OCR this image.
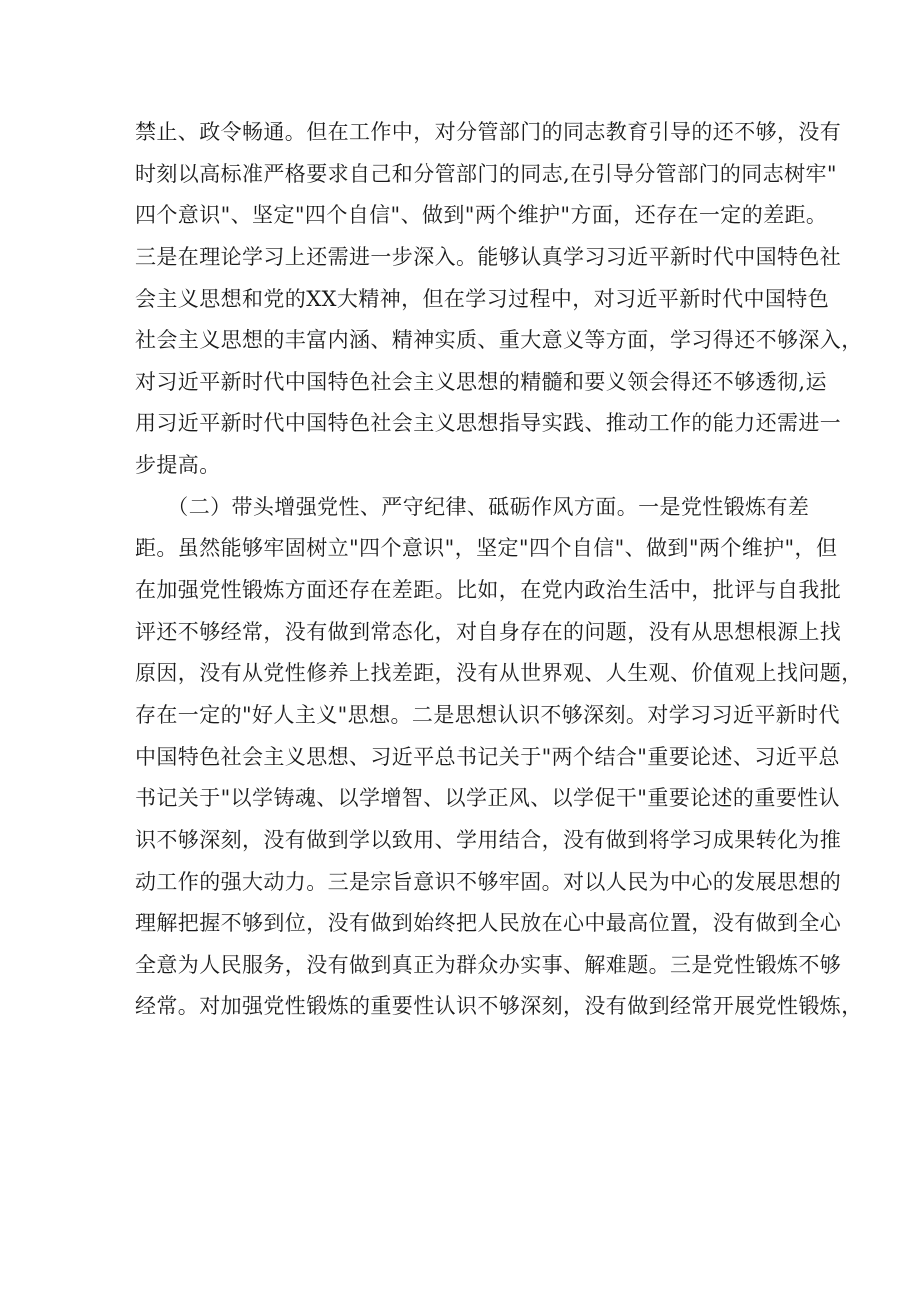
禁止、政令畅通。但在工作中，对分管部门的同志教育引导的还不够，没有
时刻以高标准严格要求自己和分管部门的同志,在引导分管部门的同志树牢"
四个意识"、坚定"四个自信"、做到"两个维护"方面，还存在一定的差距。
三是在理论学习上还需进一步深入。能够认真学习习近平新时代中国特色社
会主义思想和党的XX大精神，但在学习过程中，对习近平新时代中国特色
社会主义思想的丰富内涵、精神实质、重大意义等方面，学习得还不够深入，
对习近平新时代中国特色社会主义思想的精髓和要义领会得还不够透彻,运
用习近平新时代中国特色社会主义思想指导实践、推动工作的能力还需进一
步提高。
　　（二）带头增强党性、严守纪律、砥砺作风方面。一是党性锻炼有差
距。虽然能够牢固树立"四个意识"，坚定"四个自信"、做到"两个维护"，但
在加强党性锻炼方面还存在差距。比如，在党内政治生活中，批评与自我批
评还不够经常，没有做到常态化，对自身存在的问题，没有从思想根源上找
原因，没有从党性修养上找差距，没有从世界观、人生观、价值观上找问题，
存在一定的"好人主义"思想。二是思想认识不够深刻。对学习习近平新时代
中国特色社会主义思想、习近平总书记关于"两个结合"重要论述、习近平总
书记关于"以学铸魂、以学增智、以学正风、以学促干"重要论述的重要性认
识不够深刻，没有做到学以致用、学用结合，没有做到将学习成果转化为推
动工作的强大动力。三是宗旨意识不够牢固。对以人民为中心的发展思想的
理解把握不够到位，没有做到始终把人民放在心中最高位置，没有做到全心
全意为人民服务，没有做到真正为群众办实事、解难题。三是党性锻炼不够
经常。对加强党性锻炼的重要性认识不够深刻，没有做到经常开展党性锻炼，
